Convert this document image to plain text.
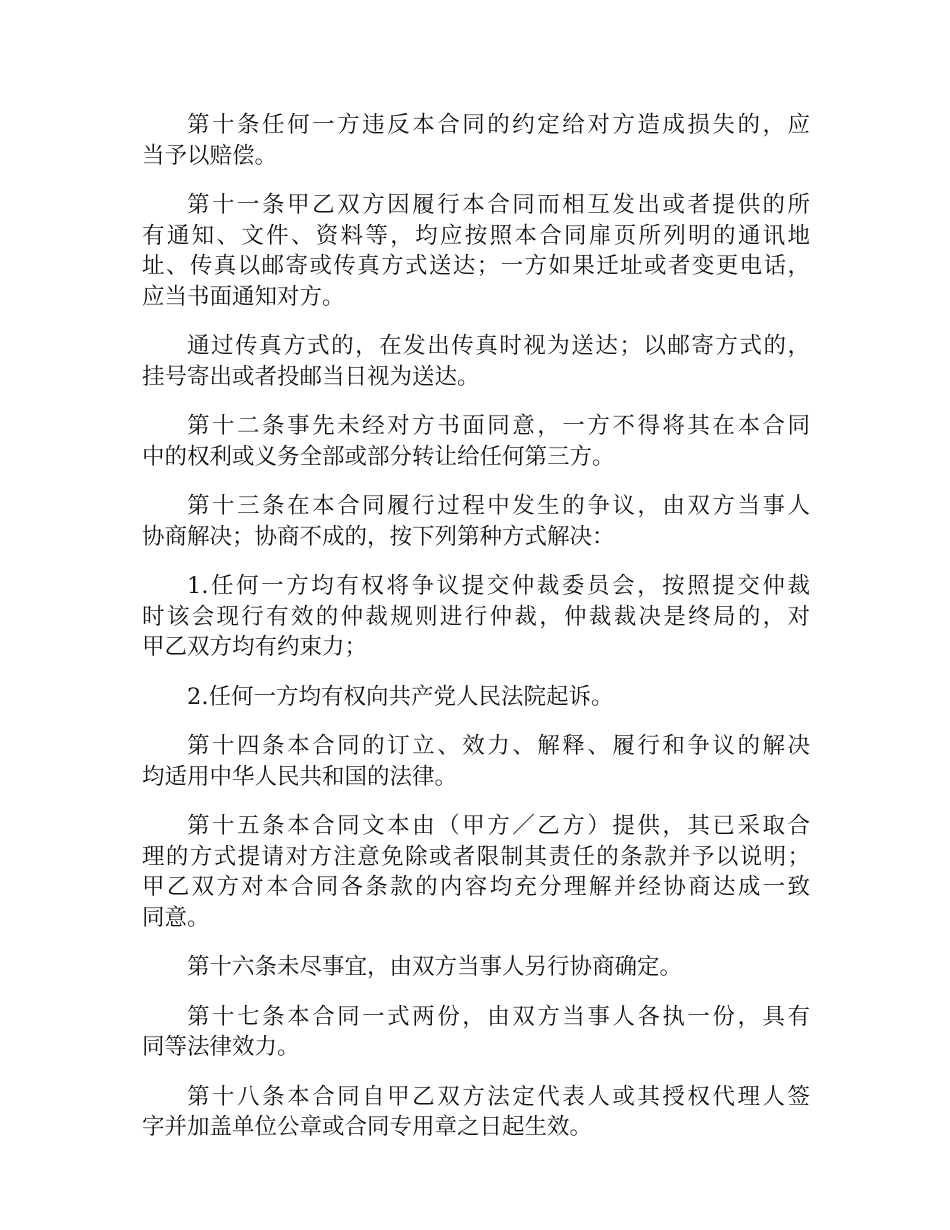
第十条任何一方违反本合同的约定给对方造成损失的，应
当予以赔偿。

第十一条甲乙双方因履行本合同而相互发出或者提供的所
有通知、文件、资料等，均应按照本合同扉页所列明的通讯地
址、传真以邮寄或传真方式送达；一方如果迁址或者变更电话，
应当书面通知对方。

通过传真方式的，在发出传真时视为送达；以邮寄方式的，
挂号寄出或者投邮当日视为送达。

第十二条事先未经对方书面同意，一方不得将其在本合同
中的权利或义务全部或部分转让给任何第三方。

第十三条在本合同履行过程中发生的争议，由双方当事人
协商解决；协商不成的，按下列第种方式解决：

1.任何一方均有权将争议提交仲裁委员会，按照提交仲裁
时该会现行有效的仲裁规则进行仲裁，仲裁裁决是终局的，对
甲乙双方均有约束力；

2.任何一方均有权向共产党人民法院起诉。

第十四条本合同的订立、效力、解释、履行和争议的解决
均适用中华人民共和国的法律。

第十五条本合同文本由（甲方／乙方）提供，其已采取合
理的方式提请对方注意免除或者限制其责任的条款并予以说明；
甲乙双方对本合同各条款的内容均充分理解并经协商达成一致
同意。

第十六条未尽事宜，由双方当事人另行协商确定。

第十七条本合同一式两份，由双方当事人各执一份，具有
同等法律效力。

第十八条本合同自甲乙双方法定代表人或其授权代理人签
字并加盖单位公章或合同专用章之日起生效。
